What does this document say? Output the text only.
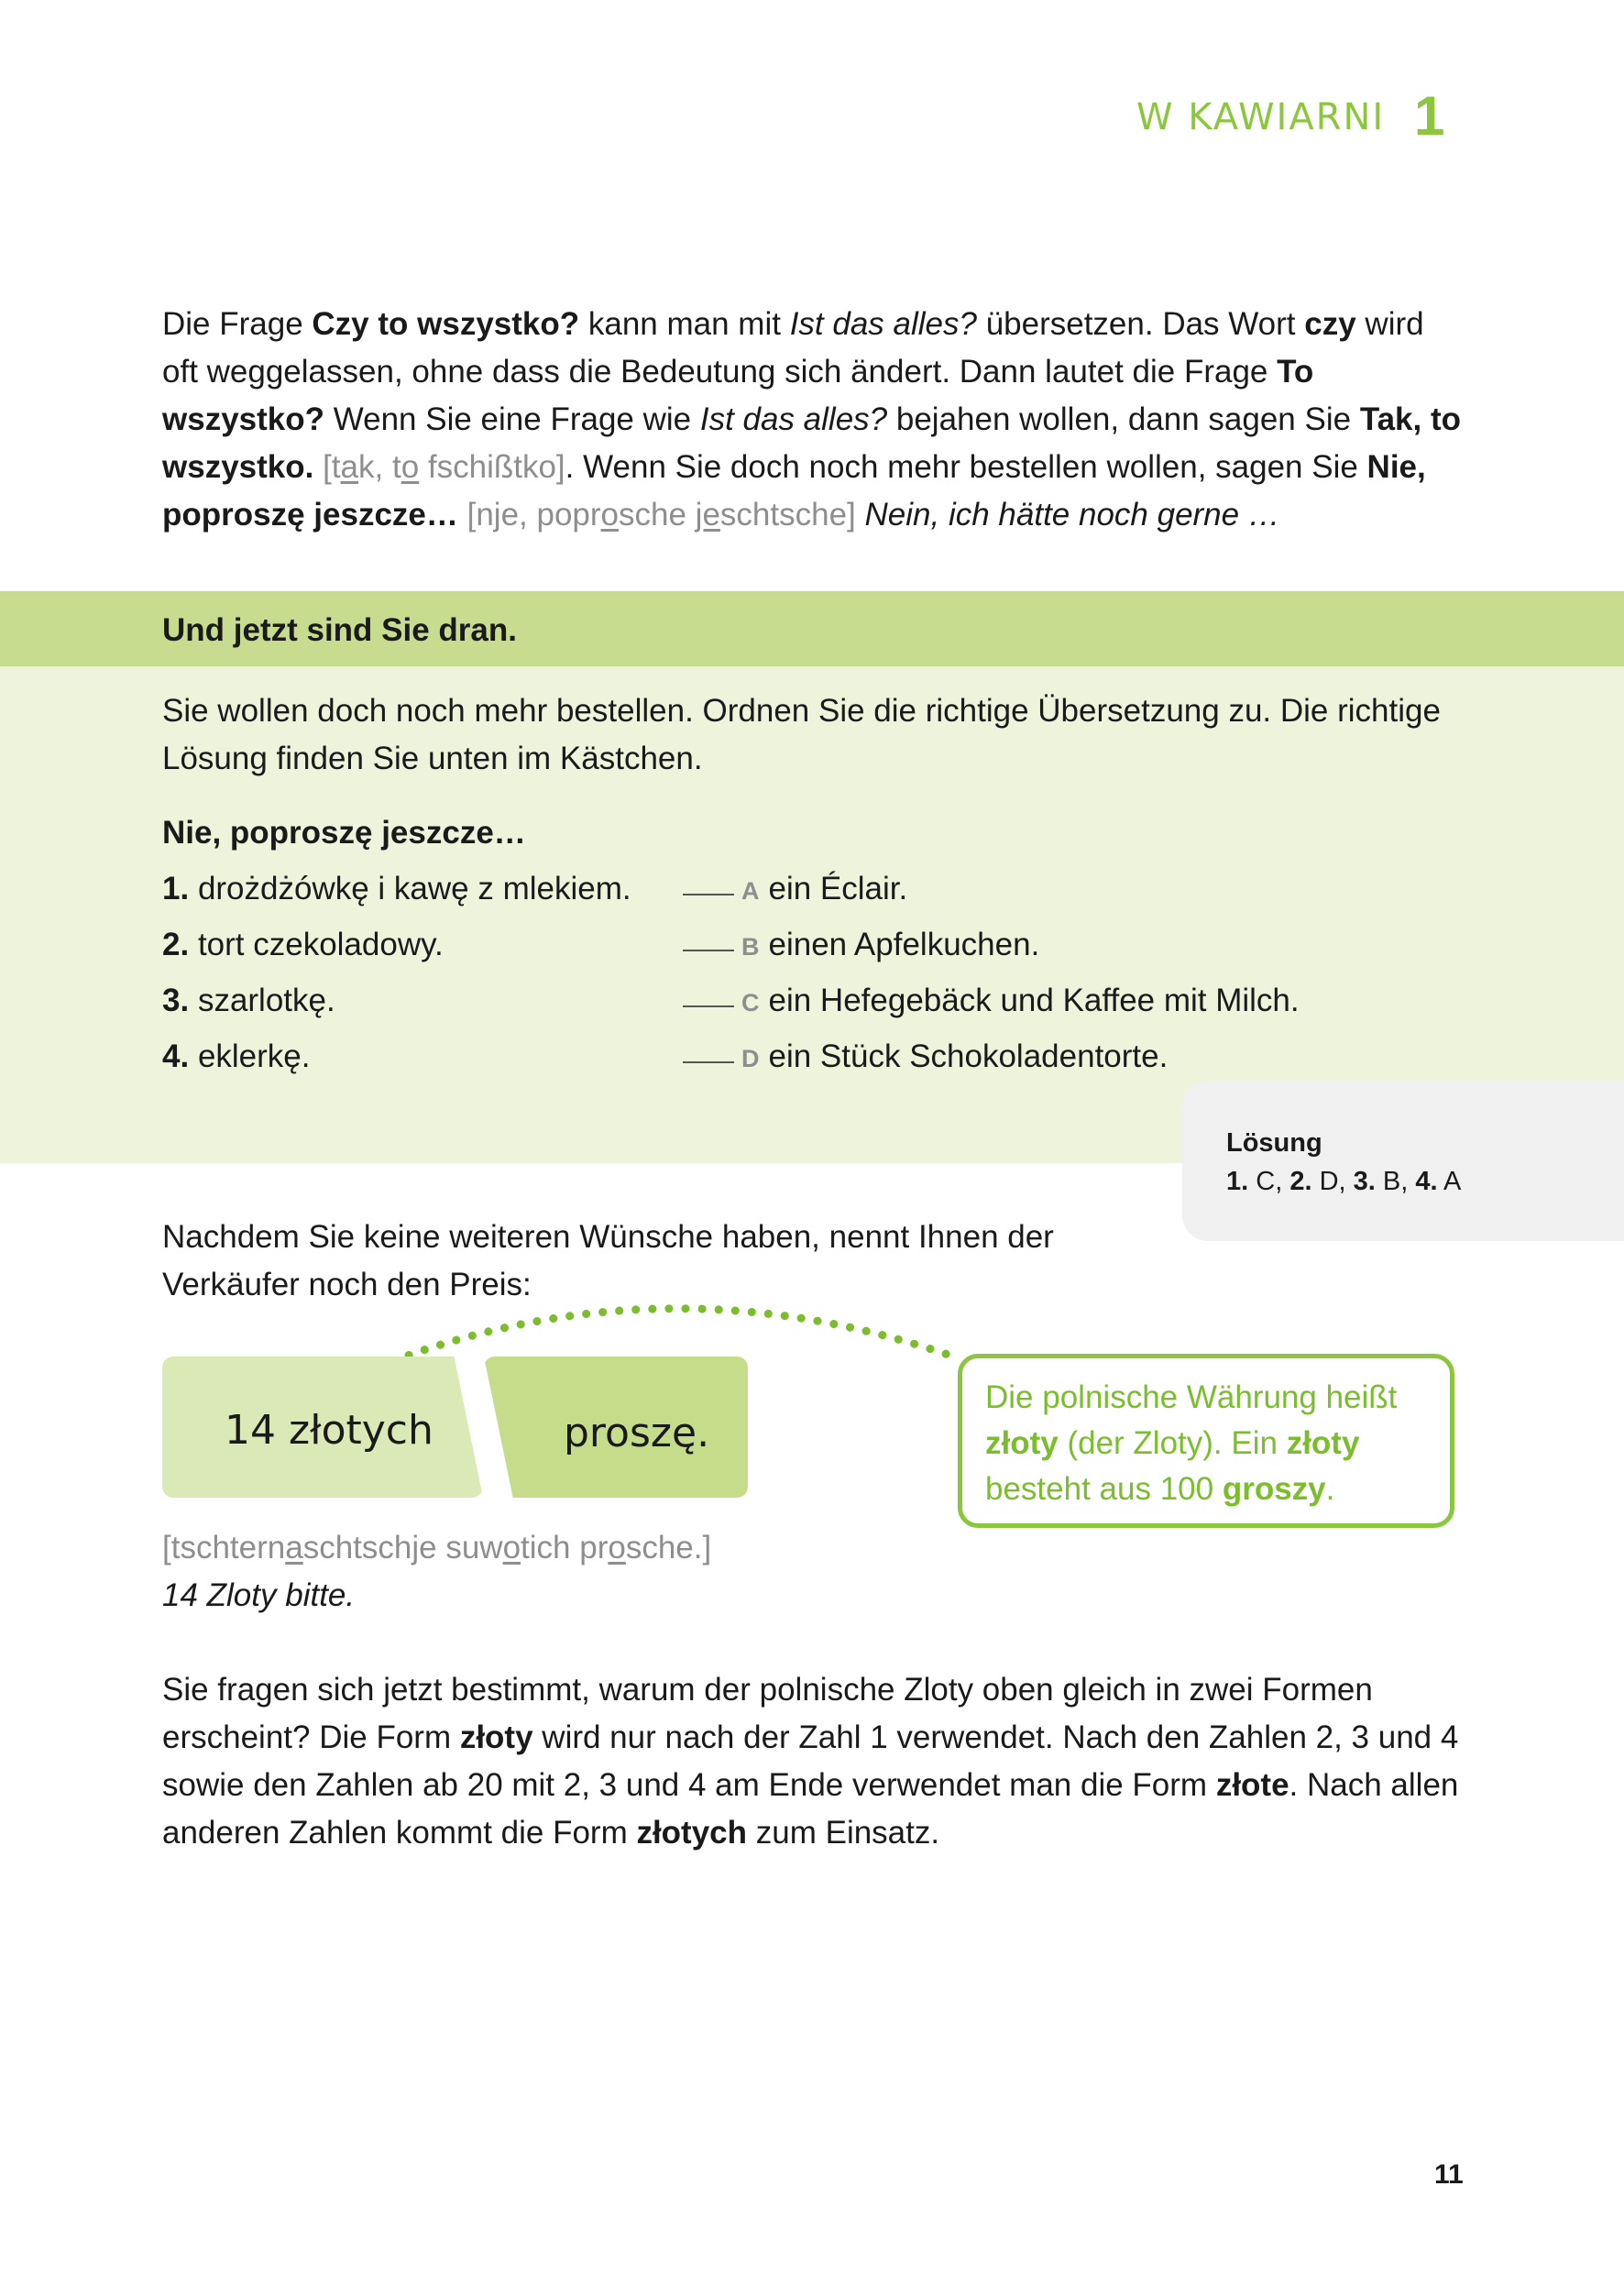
W KAWIARNI 1

Die Frage Czy to wszystko? kann man mit Ist das alles? übersetzen. Das Wort czy wird oft weggelassen, ohne dass die Bedeutung sich ändert. Dann lautet die Frage To wszystko? Wenn Sie eine Frage wie Ist das alles? bejahen wollen, dann sagen Sie Tak, to wszystko. [tak, to fschißtko]. Wenn Sie doch noch mehr bestellen wollen, sagen Sie Nie, poproszę jeszcze… [nje, poprosche jeschtsche] Nein, ich hätte noch gerne …

Und jetzt sind Sie dran.

Sie wollen doch noch mehr bestellen. Ordnen Sie die richtige Übersetzung zu. Die richtige Lösung finden Sie unten im Kästchen.

Nie, poproszę jeszcze…
1. drożdżówkę i kawę z mlekiem.
2. tort czekoladowy.
3. szarlotkę.
4. eklerkę.
A ein Éclair.
B einen Apfelkuchen.
C ein Hefegebäck und Kaffee mit Milch.
D ein Stück Schokoladentorte.
Lösung
1. C, 2. D, 3. B, 4. A

Nachdem Sie keine weiteren Wünsche haben, nennt Ihnen der Verkäufer noch den Preis:

14 złotych	proszę.

Die polnische Währung heißt złoty (der Zloty). Ein złoty besteht aus 100 groszy.

[tschternaschtschje suwotich prosche.]
14 Zloty bitte.

Sie fragen sich jetzt bestimmt, warum der polnische Zloty oben gleich in zwei Formen erscheint? Die Form złoty wird nur nach der Zahl 1 verwendet. Nach den Zahlen 2, 3 und 4 sowie den Zahlen ab 20 mit 2, 3 und 4 am Ende verwendet man die Form złote. Nach allen anderen Zahlen kommt die Form złotych zum Einsatz.

11
